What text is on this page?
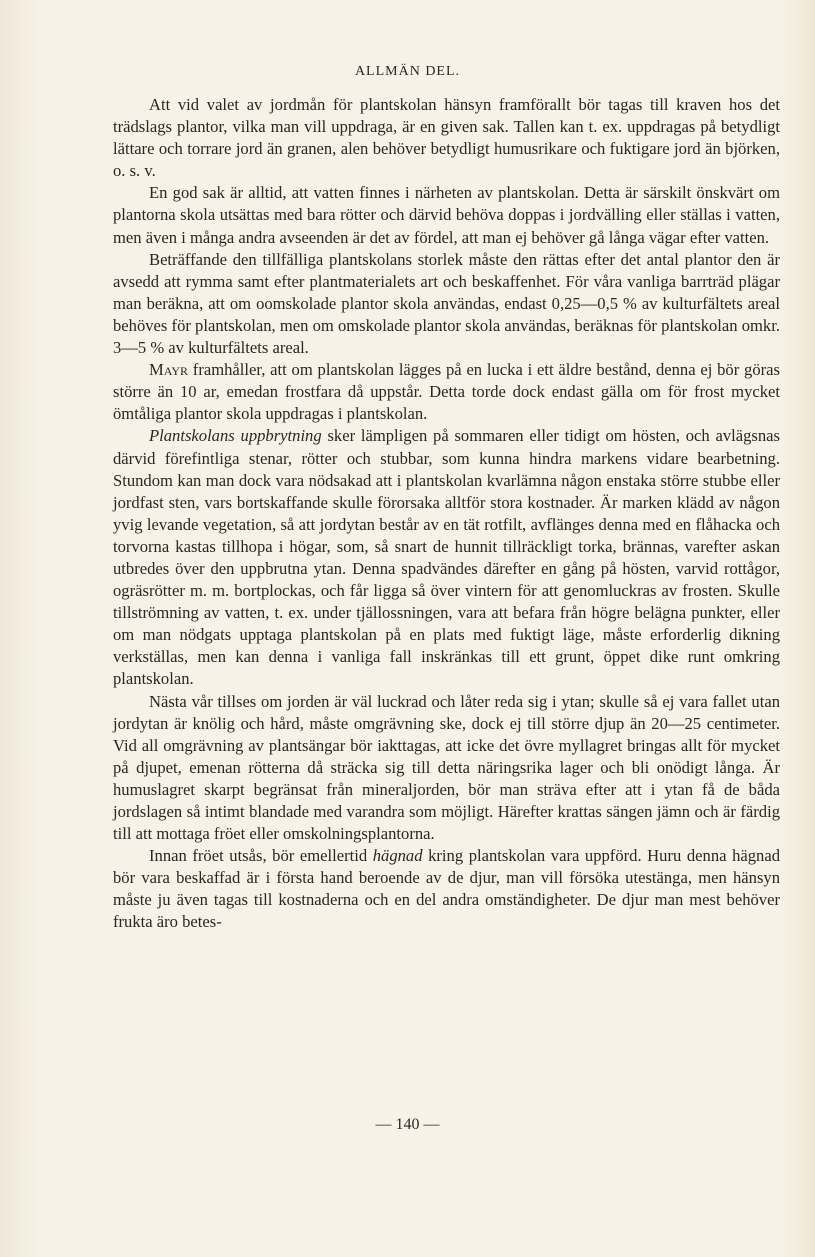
ALLMÄN DEL.

Att vid valet av jordmån för plantskolan hänsyn framförallt bör tagas till kraven hos det trädslags plantor, vilka man vill uppdraga, är en given sak. Tallen kan t. ex. uppdragas på betydligt lättare och torrare jord än granen, alen behöver betydligt humusrikare och fuktigare jord än björken, o. s. v.

En god sak är alltid, att vatten finnes i närheten av plantskolan. Detta är särskilt önskvärt om plantorna skola utsättas med bara rötter och därvid behöva doppas i jordvälling eller ställas i vatten, men även i många andra avseenden är det av fördel, att man ej behöver gå långa vägar efter vatten.

Beträffande den tillfälliga plantskolans storlek måste den rättas efter det antal plantor den är avsedd att rymma samt efter plantmaterialets art och beskaffenhet. För våra vanliga barrträd plägar man beräkna, att om oomskolade plantor skola användas, endast 0,25—0,5 % av kulturfältets areal behöves för plantskolan, men om omskolade plantor skola användas, beräknas för plantskolan omkr. 3—5 % av kulturfältets areal.

Mayr framhåller, att om plantskolan lägges på en lucka i ett äldre bestånd, denna ej bör göras större än 10 ar, emedan frostfara då uppstår. Detta torde dock endast gälla om för frost mycket ömtåliga plantor skola uppdragas i plantskolan.

Plantskolans uppbrytning sker lämpligen på sommaren eller tidigt om hösten, och avlägsnas därvid förefintliga stenar, rötter och stubbar, som kunna hindra markens vidare bearbetning. Stundom kan man dock vara nödsakad att i plantskolan kvarlämna någon enstaka större stubbe eller jordfast sten, vars bortskaffande skulle förorsaka alltför stora kostnader. Är marken klädd av någon yvig levande vegetation, så att jordytan består av en tät rotfilt, avflänges denna med en flåhacka och torvorna kastas tillhopa i högar, som, så snart de hunnit tillräckligt torka, brännas, varefter askan utbredes över den uppbrutna ytan. Denna spadvändes därefter en gång på hösten, varvid rottågor, ogräsrötter m. m. bortplockas, och får ligga så över vintern för att genomluckras av frosten. Skulle tillströmning av vatten, t. ex. under tjällossningen, vara att befara från högre belägna punkter, eller om man nödgats upptaga plantskolan på en plats med fuktigt läge, måste erforderlig dikning verkställas, men kan denna i vanliga fall inskränkas till ett grunt, öppet dike runt omkring plantskolan.

Nästa vår tillses om jorden är väl luckrad och låter reda sig i ytan; skulle så ej vara fallet utan jordytan är knölig och hård, måste omgrävning ske, dock ej till större djup än 20—25 centimeter. Vid all omgrävning av plantsängar bör iakttagas, att icke det övre myllagret bringas allt för mycket på djupet, emenan rötterna då sträcka sig till detta näringsrika lager och bli onödigt långa. Är humuslagret skarpt begränsat från mineraljorden, bör man sträva efter att i ytan få de båda jordslagen så intimt blandade med varandra som möjligt. Härefter krattas sängen jämn och är färdig till att mottaga fröet eller omskolningsplantorna.

Innan fröet utsås, bör emellertid hägnad kring plantskolan vara uppförd. Huru denna hägnad bör vara beskaffad är i första hand beroende av de djur, man vill försöka utestänga, men hänsyn måste ju även tagas till kostnaderna och en del andra omständigheter. De djur man mest behöver frukta äro betes-

— 140 —
